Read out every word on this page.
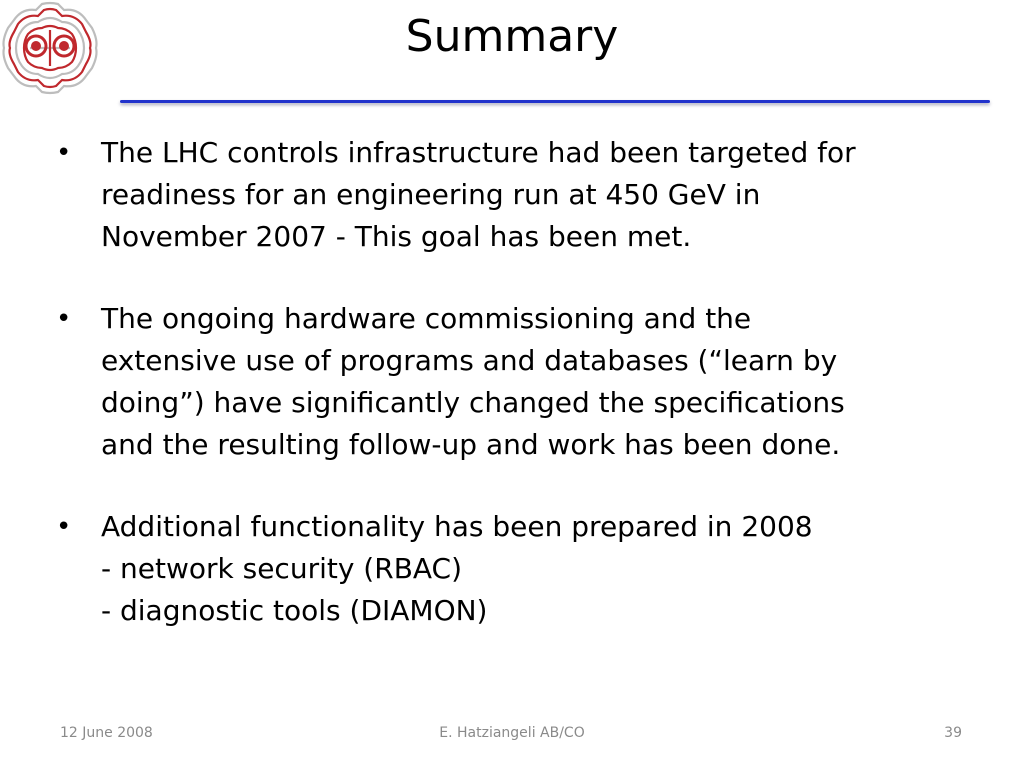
Summary
• The LHC controls infrastructure had been targeted for
readiness for an engineering run at 450 GeV in
November 2007 - This goal has been met.
• The ongoing hardware commissioning and the
extensive use of programs and databases (“learn by
doing”) have significantly changed the specifications
and the resulting follow-up and work has been done.
• Additional functionality has been prepared in 2008
- network security (RBAC)
- diagnostic tools (DIAMON)
12 June 2008	E. Hatziangeli AB/CO	39
